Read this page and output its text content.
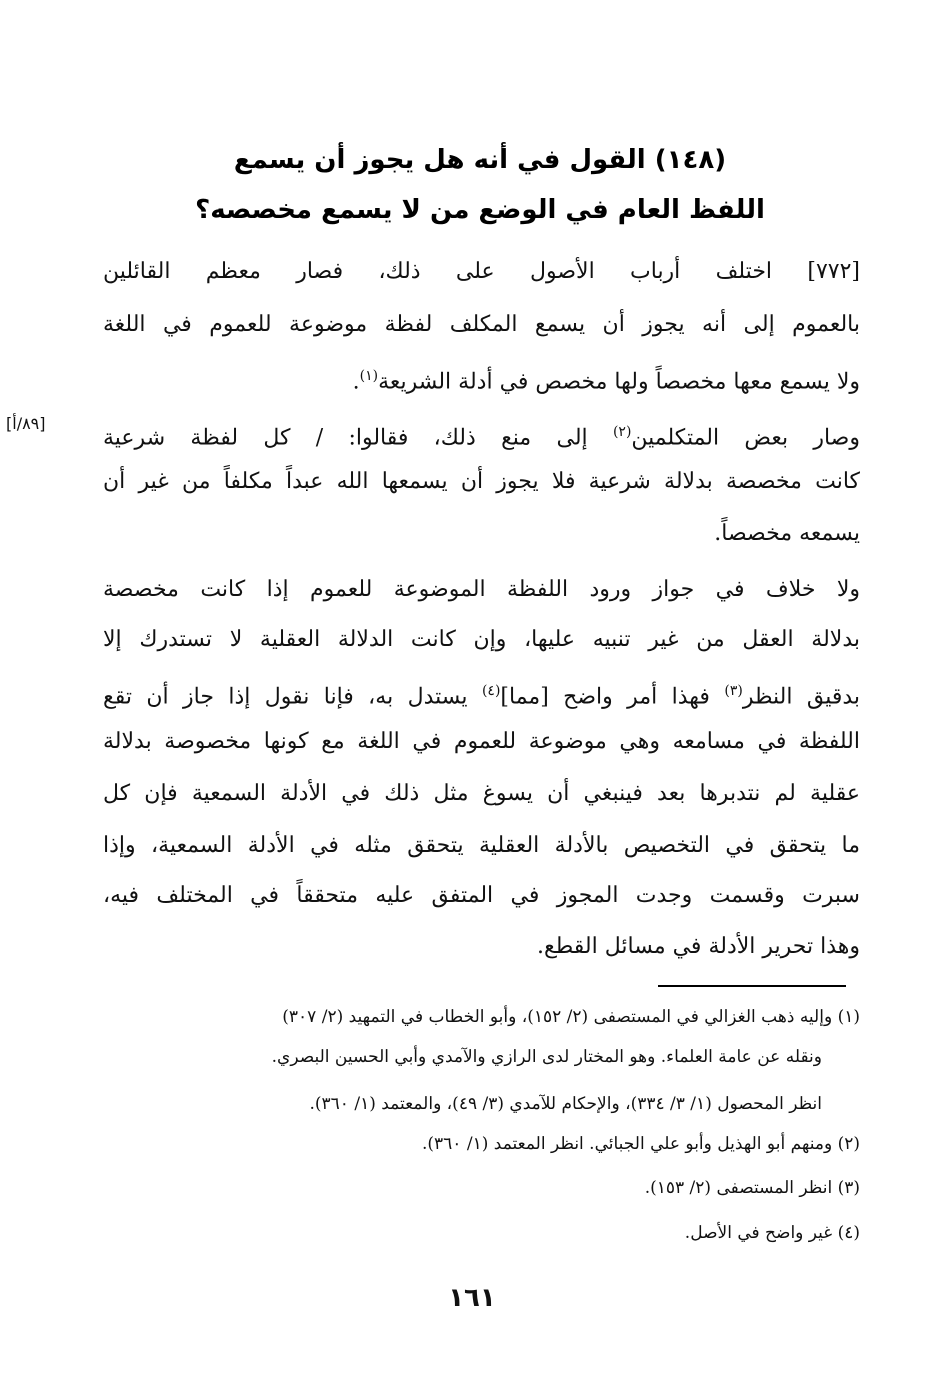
(١٤٨) القول في أنه هل يجوز أن يسمع
اللفظ العام في الوضع من لا يسمع مخصصه؟
[٧٧٢] اختلف أرباب الأصول على ذلك، فصار معظم القائلين
بالعموم إلى أنه يجوز أن يسمع المكلف لفظة موضوعة للعموم في اللغة
ولا يسمع معها مخصصاً ولها مخصص في أدلة الشريعة$^{(١)}$.
وصار بعض المتكلمين$^{(٢)}$ إلى منع ذلك، فقالوا: / كل لفظة شرعية
[٨٩/أ]
كانت مخصصة بدلالة شرعية فلا يجوز أن يسمعها الله عبداً مكلفاً من غير أن
يسمعه مخصصاً.
ولا خلاف في جواز ورود اللفظة الموضوعة للعموم إذا كانت مخصصة
بدلالة العقل من غير تنبيه عليها، وإن كانت الدلالة العقلية لا تستدرك إلا
بدقيق النظر$^{(٣)}$ فهذا أمر واضح [مما]$^{(٤)}$ يستدل به، فإنا نقول إذا جاز أن تقع
اللفظة في مسامعه وهي موضوعة للعموم في اللغة مع كونها مخصوصة بدلالة
عقلية لم نتدبرها بعد فينبغي أن يسوغ مثل ذلك في الأدلة السمعية فإن كل
ما يتحقق في التخصيص بالأدلة العقلية يتحقق مثله في الأدلة السمعية، وإذا
سبرت وقسمت وجدت المجوز في المتفق عليه متحققاً في المختلف فيه،
وهذا تحرير الأدلة في مسائل القطع.
(١) وإليه ذهب الغزالي في المستصفى (٢/ ١٥٢)، وأبو الخطاب في التمهيد (٢/ ٣٠٧)
ونقله عن عامة العلماء. وهو المختار لدى الرازي والآمدي وأبي الحسين البصري.
انظر المحصول (١/ ٣/ ٣٣٤)، والإحكام للآمدي (٣/ ٤٩)، والمعتمد (١/ ٣٦٠).
(٢) ومنهم أبو الهذيل وأبو علي الجبائي. انظر المعتمد (١/ ٣٦٠).
(٣) انظر المستصفى (٢/ ١٥٣).
(٤) غير واضح في الأصل.
١٦١
